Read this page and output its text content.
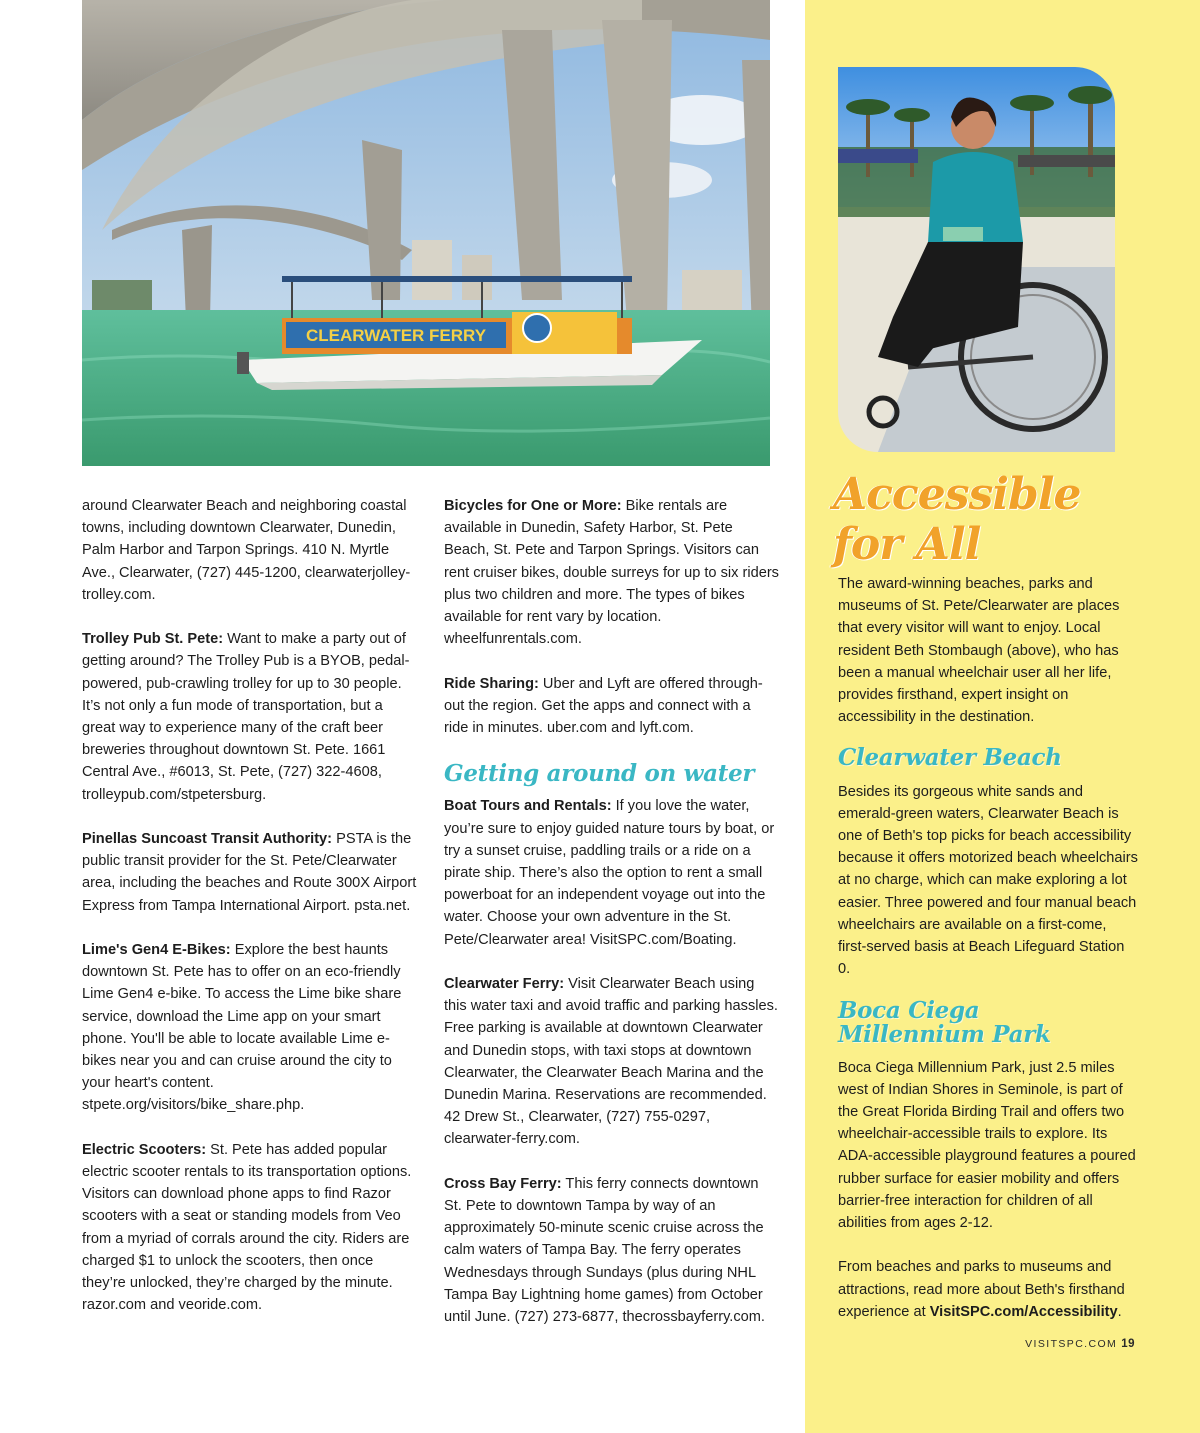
CLEARWATER FERRY

around Clearwater Beach and neighboring coastal towns, including downtown Clearwater, Dunedin, Palm Harbor and Tarpon Springs. 410 N. Myrtle Ave., Clearwater, (727) 445-1200, clearwaterjolley-trolley.com.

Trolley Pub St. Pete: Want to make a party out of getting around? The Trolley Pub is a BYOB, pedal-powered, pub-crawling trolley for up to 30 people. It’s not only a fun mode of transportation, but a great way to experience many of the craft beer breweries throughout downtown St. Pete. 1661 Central Ave., #6013, St. Pete, (727) 322-4608, trolleypub.com/stpetersburg.

Pinellas Suncoast Transit Authority: PSTA is the public transit provider for the St. Pete/Clearwater area, including the beaches and Route 300X Airport Express from Tampa International Airport. psta.net.

Lime's Gen4 E-Bikes: Explore the best haunts downtown St. Pete has to offer on an eco-friendly Lime Gen4 e-bike. To access the Lime bike share service, download the Lime app on your smart phone. You'll be able to locate available Lime e-bikes near you and can cruise around the city to your heart's content. stpete.org/visitors/bike_share.php.

Electric Scooters: St. Pete has added popular electric scooter rentals to its transportation options. Visitors can download phone apps to find Razor scooters with a seat or standing models from Veo from a myriad of corrals around the city. Riders are charged $1 to unlock the scooters, then once they’re unlocked, they’re charged by the minute. razor.com and veoride.com.

Bicycles for One or More: Bike rentals are available in Dunedin, Safety Harbor, St. Pete Beach, St. Pete and Tarpon Springs. Visitors can rent cruiser bikes, double surreys for up to six riders plus two children and more. The types of bikes available for rent vary by location. wheelfunrentals.com.

Ride Sharing: Uber and Lyft are offered through-out the region. Get the apps and connect with a ride in minutes. uber.com and lyft.com.

Getting around on water

Boat Tours and Rentals: If you love the water, you’re sure to enjoy guided nature tours by boat, or try a sunset cruise, paddling trails or a ride on a pirate ship. There’s also the option to rent a small powerboat for an independent voyage out into the water. Choose your own adventure in the St. Pete/Clearwater area! VisitSPC.com/Boating.

Clearwater Ferry: Visit Clearwater Beach using this water taxi and avoid traffic and parking hassles. Free parking is available at downtown Clearwater and Dunedin stops, with taxi stops at downtown Clearwater, the Clearwater Beach Marina and the Dunedin Marina. Reservations are recommended. 42 Drew St., Clearwater, (727) 755-0297, clearwater-ferry.com.

Cross Bay Ferry: This ferry connects downtown St. Pete to downtown Tampa by way of an approximately 50-minute scenic cruise across the calm waters of Tampa Bay. The ferry operates Wednesdays through Sundays (plus during NHL Tampa Bay Lightning home games) from October until June. (727) 273-6877, thecrossbayferry.com.

Accessible
for All

The award-winning beaches, parks and museums of St. Pete/Clearwater are places that every visitor will want to enjoy. Local resident Beth Stombaugh (above), who has been a manual wheelchair user all her life, provides firsthand, expert insight on accessibility in the destination.

Clearwater Beach

Besides its gorgeous white sands and emerald-green waters, Clearwater Beach is one of Beth's top picks for beach accessibility because it offers motorized beach wheelchairs at no charge, which can make exploring a lot easier. Three powered and four manual beach wheelchairs are available on a first-come, first-served basis at Beach Lifeguard Station 0.

Boca Ciega
Millennium Park

Boca Ciega Millennium Park, just 2.5 miles west of Indian Shores in Seminole, is part of the Great Florida Birding Trail and offers two wheelchair-accessible trails to explore. Its ADA-accessible playground features a poured rubber surface for easier mobility and offers barrier-free interaction for children of all abilities from ages 2-12.

From beaches and parks to museums and attractions, read more about Beth's firsthand experience at VisitSPC.com/Accessibility.

VISITSPC.COM 19
